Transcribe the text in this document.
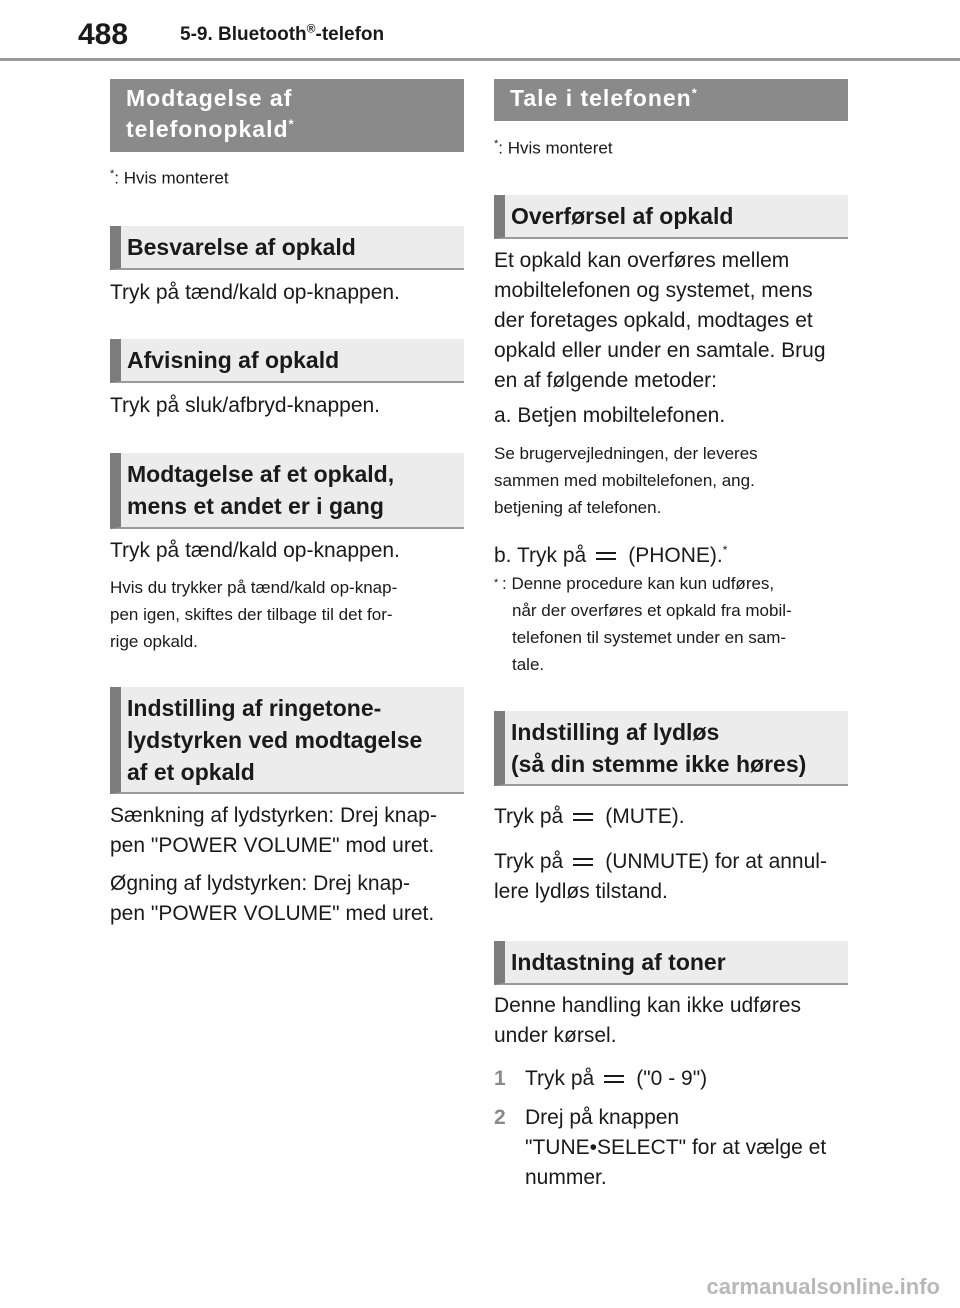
488	5-9. Bluetooth®-telefon
Modtagelse af
telefonopkald*
*: Hvis monteret
Besvarelse af opkald
Tryk på tænd/kald op-knappen.
Afvisning af opkald
Tryk på sluk/afbryd-knappen.
Modtagelse af et opkald,
mens et andet er i gang
Tryk på tænd/kald op-knappen.
Hvis du trykker på tænd/kald op-knap-
pen igen, skiftes der tilbage til det for-
rige opkald.
Indstilling af ringetone-
lydstyrken ved modtagelse
af et opkald
Sænkning af lydstyrken: Drej knap-
pen "POWER VOLUME" mod uret.
Øgning af lydstyrken: Drej knap-
pen "POWER VOLUME" med uret.
Tale i telefonen*
*: Hvis monteret
Overførsel af opkald
Et opkald kan overføres mellem
mobiltelefonen og systemet, mens
der foretages opkald, modtages et
opkald eller under en samtale. Brug
en af følgende metoder:
a. Betjen mobiltelefonen.
Se brugervejledningen, der leveres
sammen med mobiltelefonen, ang.
betjening af telefonen.
b. Tryk på (PHONE).*
* : Denne procedure kan kun udføres,
når der overføres et opkald fra mobil-
telefonen til systemet under en sam-
tale.
Indstilling af lydløs
(så din stemme ikke høres)
Tryk på (MUTE).
Tryk på (UNMUTE) for at annul-
lere lydløs tilstand.
Indtastning af toner
Denne handling kan ikke udføres
under kørsel.
1 Tryk på ("0 - 9")
2 Drej på knappen
"TUNE•SELECT" for at vælge et
nummer.
carmanualsonline.info
